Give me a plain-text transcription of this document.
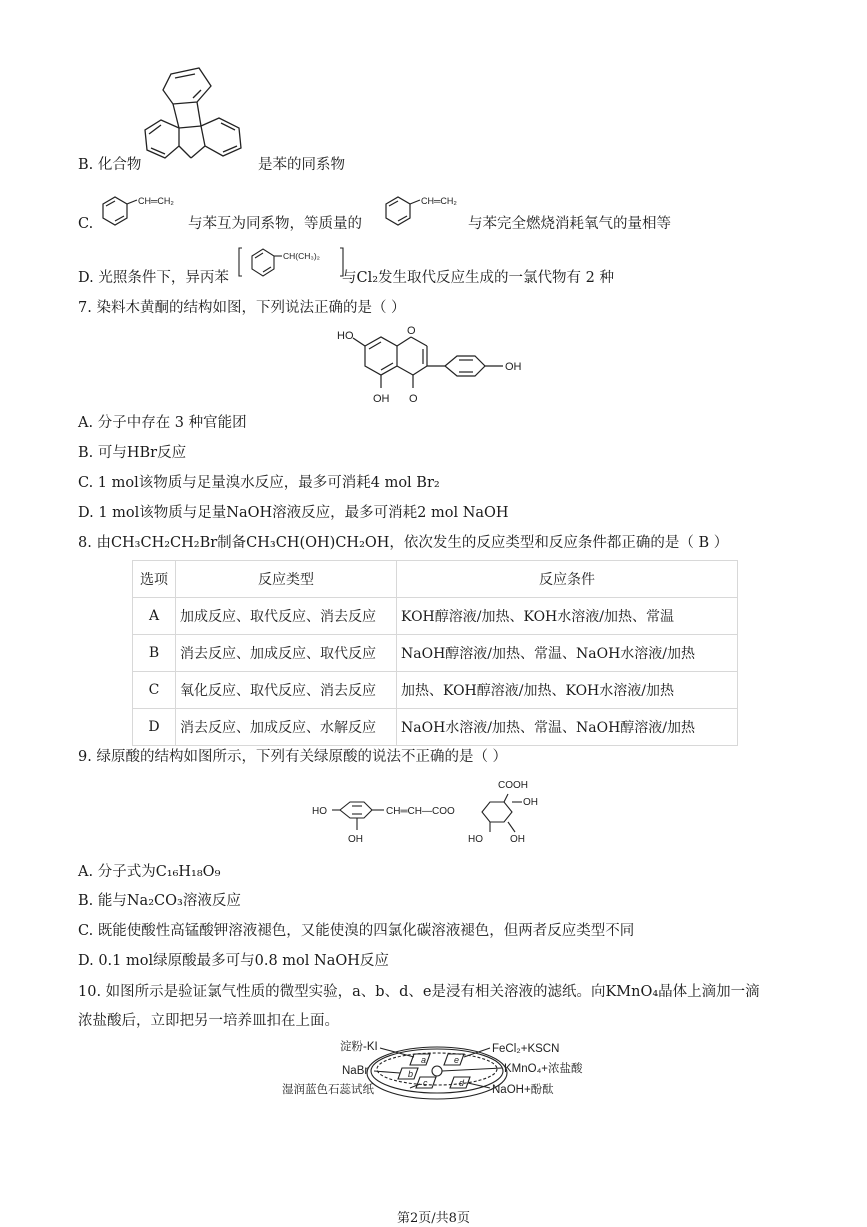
B. 化合物	是苯的同系物
C.
CH═CH₂
与苯互为同系物，等质量的
CH═CH₂
与苯完全燃烧消耗氧气的量相等
D. 光照条件下，异丙苯
CH(CH₃)₂
与Cl₂发生取代反应生成的一氯代物有 2 种
7. 染料木黄酮的结构如图，下列说法正确的是（ ）
HO	O
OH
OH O
A. 分子中存在 3 种官能团
B. 可与HBr反应
C. 1 mol该物质与足量溴水反应，最多可消耗4 mol Br₂
D. 1 mol该物质与足量NaOH溶液反应，最多可消耗2 mol NaOH
8. 由CH₃CH₂CH₂Br制备CH₃CH(OH)CH₂OH，依次发生的反应类型和反应条件都正确的是（ B ）
选项	反应类型	反应条件
A	加成反应、取代反应、消去反应	KOH醇溶液/加热、KOH水溶液/加热、常温
B	消去反应、加成反应、取代反应	NaOH醇溶液/加热、常温、NaOH水溶液/加热
C	氧化反应、取代反应、消去反应	加热、KOH醇溶液/加热、KOH水溶液/加热
D	消去反应、加成反应、水解反应	NaOH水溶液/加热、常温、NaOH醇溶液/加热
9. 绿原酸的结构如图所示，下列有关绿原酸的说法不正确的是（ ）
HO
OH
CH═CH—COO
COOH
OH
HO	OH
A. 分子式为C₁₆H₁₈O₉
B. 能与Na₂CO₃溶液反应
C. 既能使酸性高锰酸钾溶液褪色，又能使溴的四氯化碳溶液褪色，但两者反应类型不同
D. 0.1 mol绿原酸最多可与0.8 mol NaOH反应
10. 如图所示是验证氯气性质的微型实验，a、b、d、e是浸有相关溶液的滤纸。向KMnO₄晶体上滴加一滴
浓盐酸后，立即把另一培养皿扣在上面。
a
b
c
e
d
淀粉-KI
NaBr
湿润蓝色石蕊试纸
FeCl₂+KSCN
KMnO₄+浓盐酸
NaOH+酚酞
第2页/共8页
